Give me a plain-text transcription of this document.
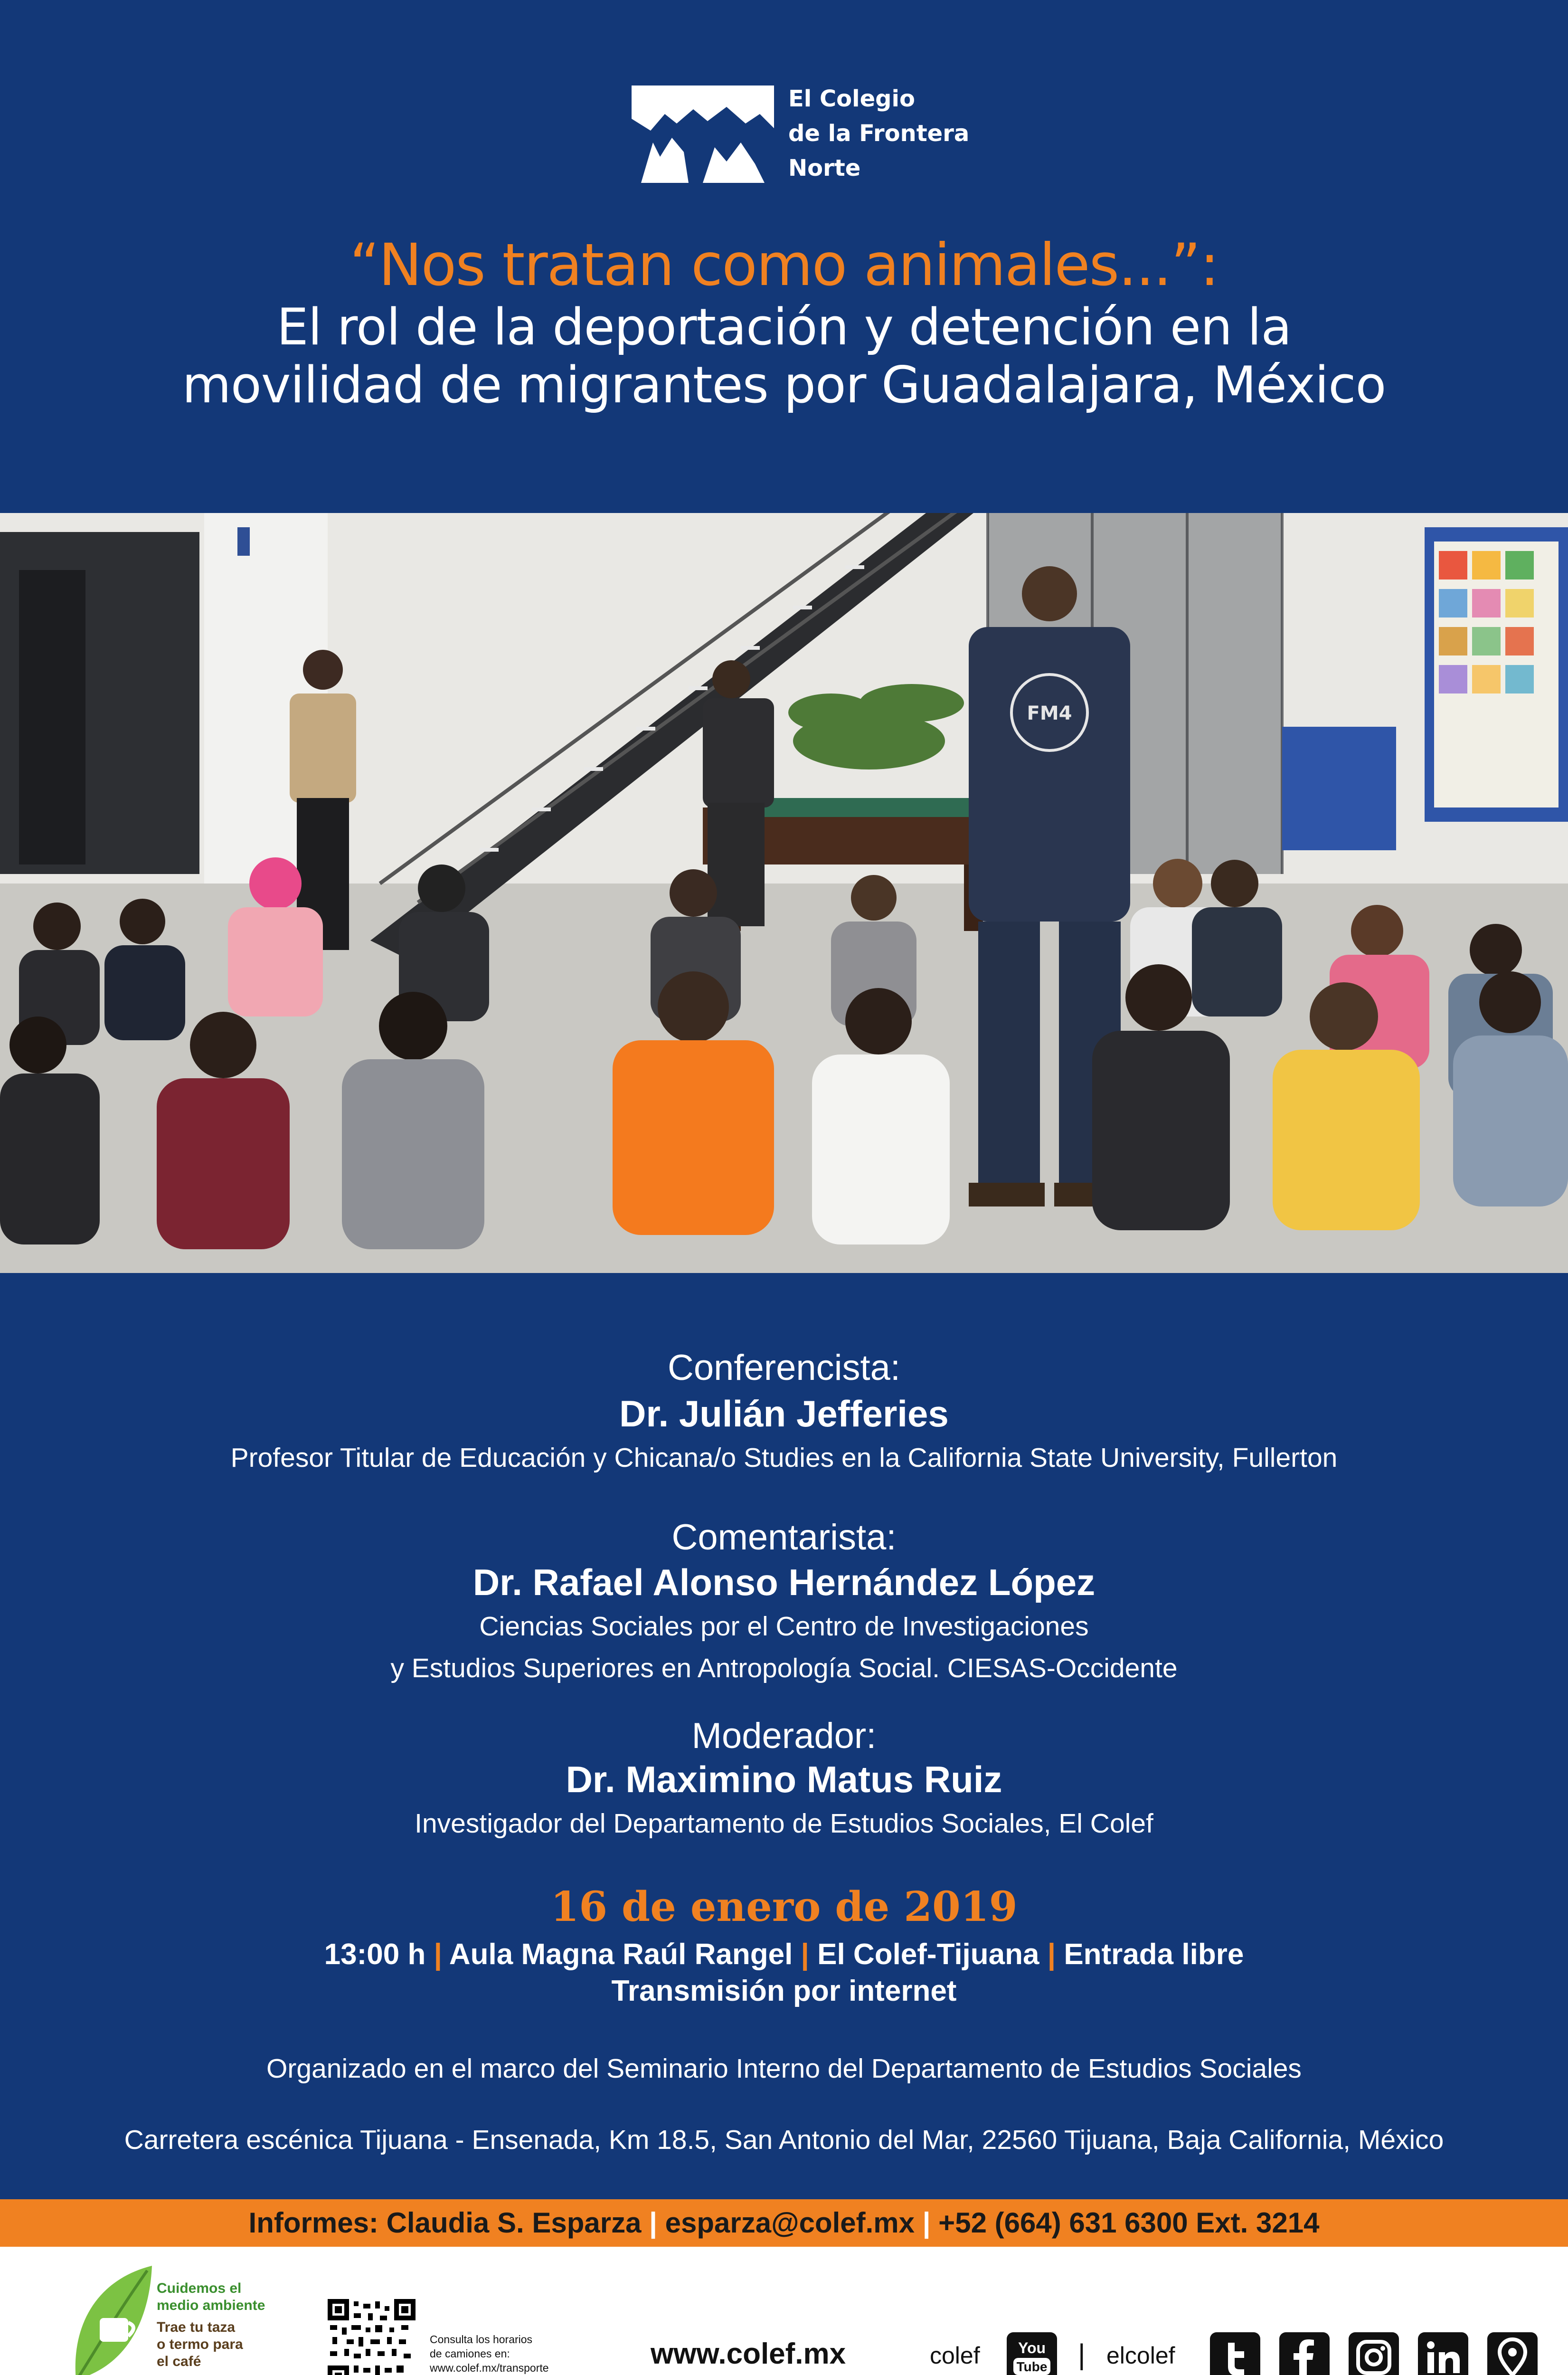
El Colegio
de la Frontera
Norte
“Nos tratan como animales...”:
El rol de la deportación y detención en la
movilidad de migrantes por Guadalajara, México
FM4
Conferencista:
Dr. Julián Jefferies
Profesor Titular de Educación y Chicana/o Studies en la California State University, Fullerton
Comentarista:
Dr. Rafael Alonso Hernández López
Ciencias Sociales por el Centro de Investigaciones
y Estudios Superiores en Antropología Social. CIESAS-Occidente
Moderador:
Dr. Maximino Matus Ruiz
Investigador del Departamento de Estudios Sociales, El Colef
16 de enero de 2019
13:00 h | Aula Magna Raúl Rangel | El Colef-Tijuana | Entrada libre
Transmisión por internet
Organizado en el marco del Seminario Interno del Departamento de Estudios Sociales
Carretera escénica Tijuana - Ensenada, Km 18.5, San Antonio del Mar, 22560 Tijuana, Baja California, México
Informes: Claudia S. Esparza | esparza@colef.mx | +52 (664) 631 6300 Ext. 3214
Cuidemos el
medio ambiente
Trae tu taza
o termo para
el café
Consulta los horarios
de camiones en:
www.colef.mx/transporte	www.colef.mx	colef	You
Tube | elcolef
